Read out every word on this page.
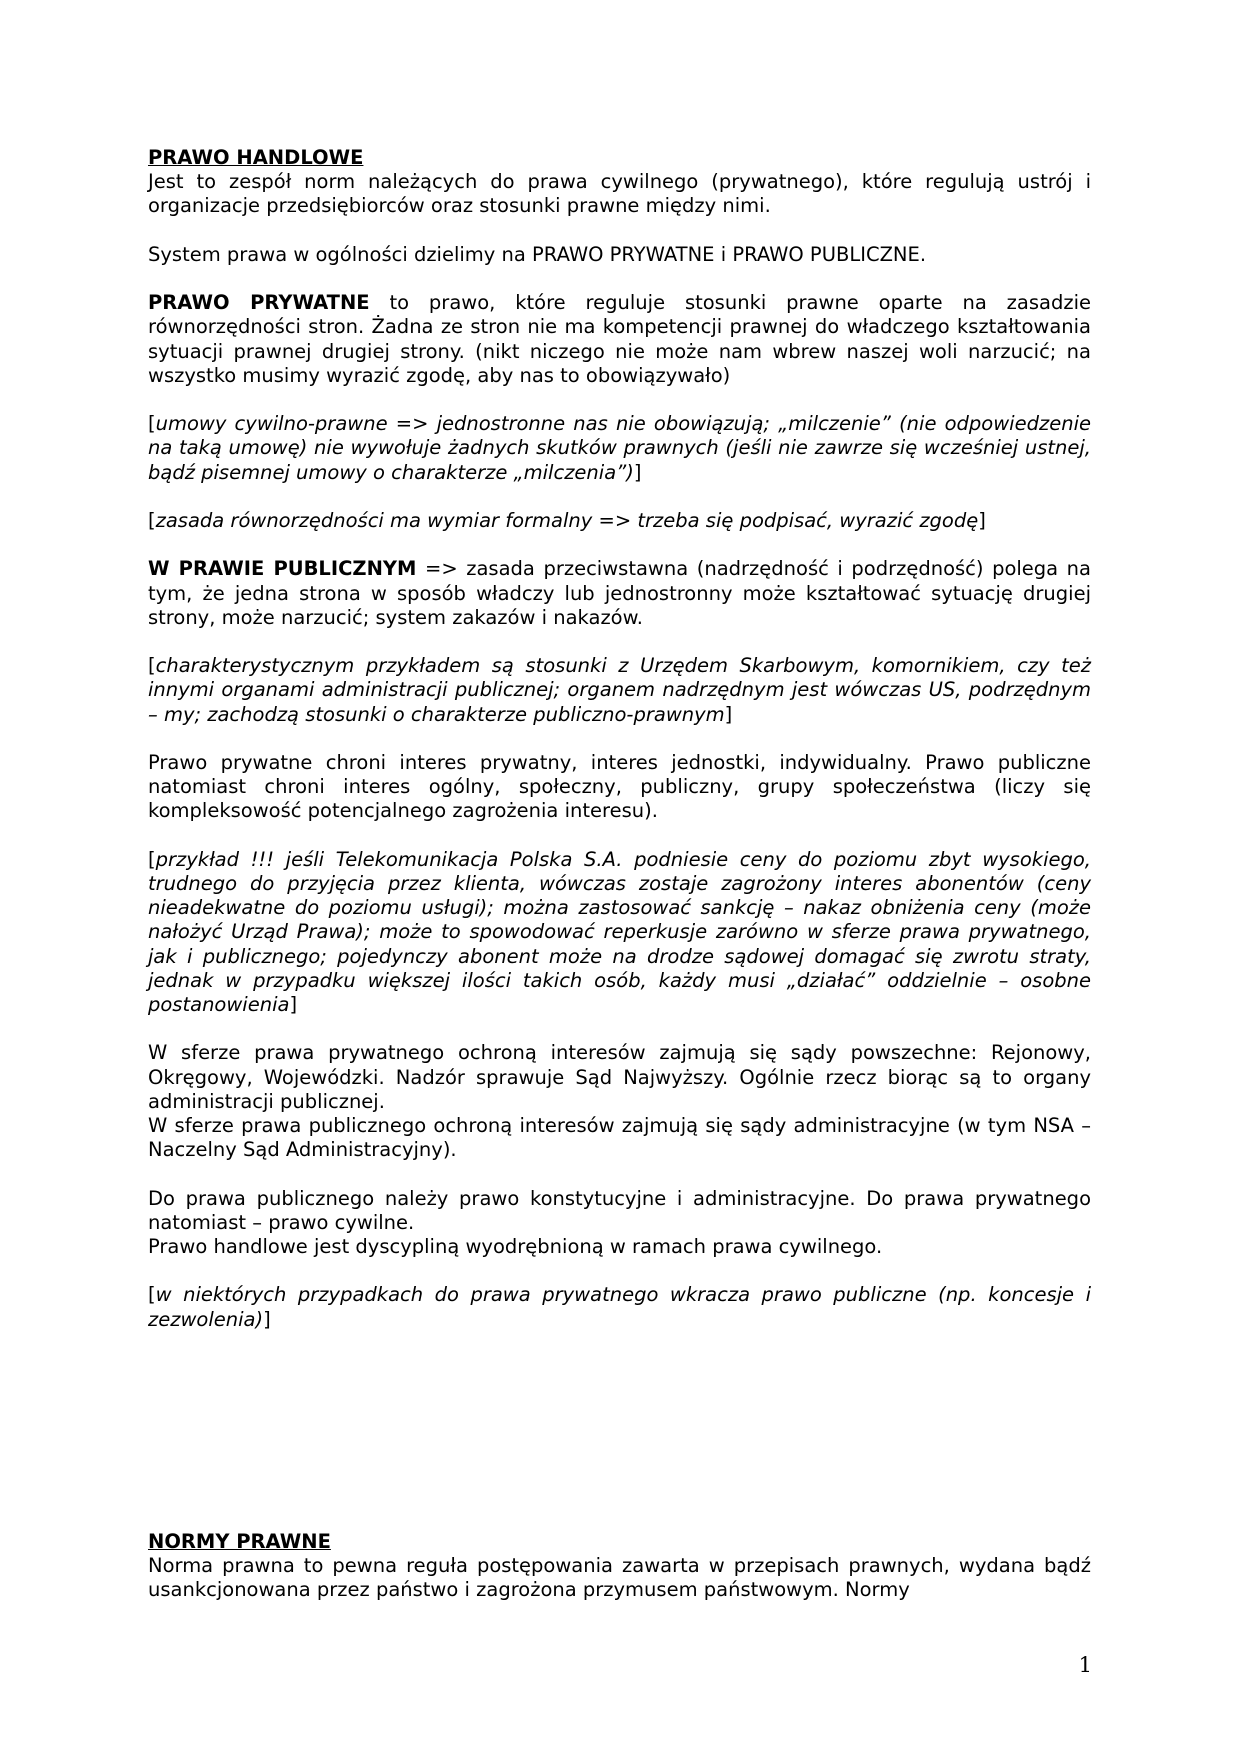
PRAWO HANDLOWE
Jest to zespół norm należących do prawa cywilnego (prywatnego), które regulują ustrój i organizacje przedsiębiorców oraz stosunki prawne między nimi.

System prawa w ogólności dzielimy na PRAWO PRYWATNE i PRAWO PUBLICZNE.

PRAWO PRYWATNE to prawo, które reguluje stosunki prawne oparte na zasadzie równorzędności stron. Żadna ze stron nie ma kompetencji prawnej do władczego kształtowania sytuacji prawnej drugiej strony. (nikt niczego nie może nam wbrew naszej woli narzucić; na wszystko musimy wyrazić zgodę, aby nas to obowiązywało)

[umowy cywilno-prawne => jednostronne nas nie obowiązują; „milczenie” (nie odpowiedzenie na taką umowę) nie wywołuje żadnych skutków prawnych (jeśli nie zawrze się wcześniej ustnej, bądź pisemnej umowy o charakterze „milczenia”)]

[zasada równorzędności ma wymiar formalny => trzeba się podpisać, wyrazić zgodę]

W PRAWIE PUBLICZNYM => zasada przeciwstawna (nadrzędność i podrzędność) polega na tym, że jedna strona w sposób władczy lub jednostronny może kształtować sytuację drugiej strony, może narzucić; system zakazów i nakazów.

[charakterystycznym przykładem są stosunki z Urzędem Skarbowym, komornikiem, czy też innymi organami administracji publicznej; organem nadrzędnym jest wówczas US, podrzędnym – my; zachodzą stosunki o charakterze publiczno-prawnym]

Prawo prywatne chroni interes prywatny, interes jednostki, indywidualny. Prawo publiczne natomiast chroni interes ogólny, społeczny, publiczny, grupy społeczeństwa (liczy się kompleksowość potencjalnego zagrożenia interesu).

[przykład !!! jeśli Telekomunikacja Polska S.A. podniesie ceny do poziomu zbyt wysokiego, trudnego do przyjęcia przez klienta, wówczas zostaje zagrożony interes abonentów (ceny nieadekwatne do poziomu usługi); można zastosować sankcję – nakaz obniżenia ceny (może nałożyć Urząd Prawa); może to spowodować reperkusje zarówno w sferze prawa prywatnego, jak i publicznego; pojedynczy abonent może na drodze sądowej domagać się zwrotu straty, jednak w przypadku większej ilości takich osób, każdy musi „działać” oddzielnie – osobne postanowienia]

W sferze prawa prywatnego ochroną interesów zajmują się sądy powszechne: Rejonowy, Okręgowy, Wojewódzki. Nadzór sprawuje Sąd Najwyższy. Ogólnie rzecz biorąc są to organy administracji publicznej.

W sferze prawa publicznego ochroną interesów zajmują się sądy administracyjne (w tym NSA – Naczelny Sąd Administracyjny).

Do prawa publicznego należy prawo konstytucyjne i administracyjne. Do prawa prywatnego natomiast – prawo cywilne.

Prawo handlowe jest dyscypliną wyodrębnioną w ramach prawa cywilnego.

[w niektórych przypadkach do prawa prywatnego wkracza prawo publiczne (np. koncesje i zezwolenia)]

NORMY PRAWNE
Norma prawna to pewna reguła postępowania zawarta w przepisach prawnych, wydana bądź usankcjonowana przez państwo i zagrożona przymusem państwowym. Normy

1
